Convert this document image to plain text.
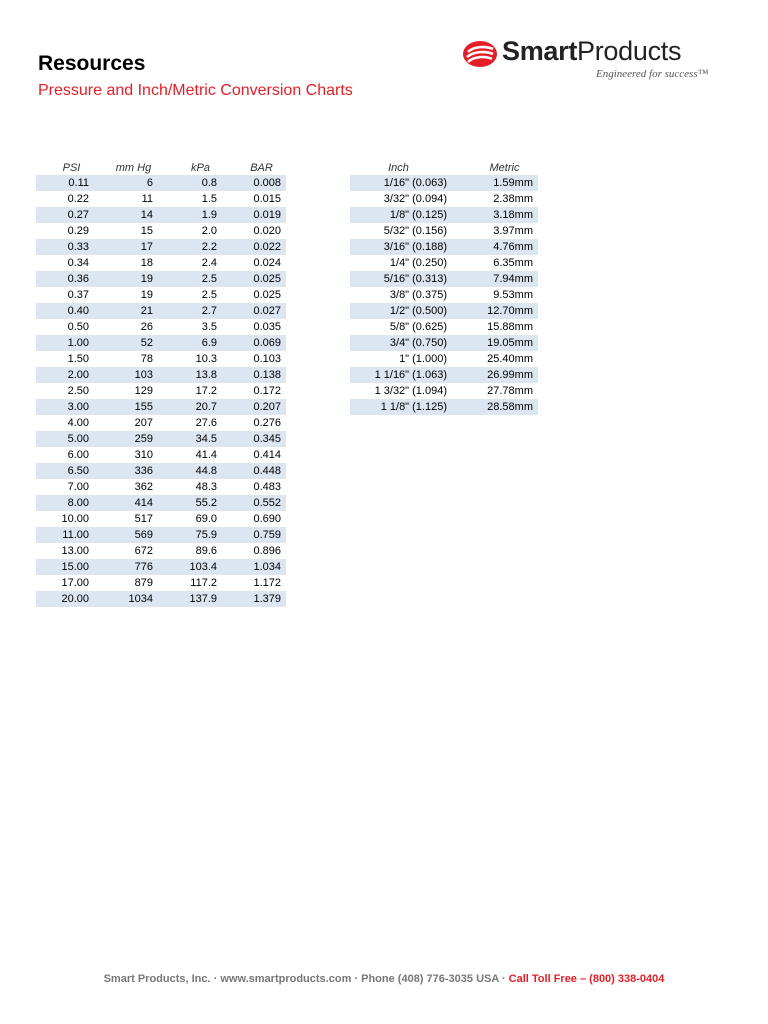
Resources
Pressure and Inch/Metric Conversion Charts
SmartProducts
Engineered for success™
PSI	mm Hg	kPa	BAR
0.11	6	0.8	0.008
0.22	11	1.5	0.015
0.27	14	1.9	0.019
0.29	15	2.0	0.020
0.33	17	2.2	0.022
0.34	18	2.4	0.024
0.36	19	2.5	0.025
0.37	19	2.5	0.025
0.40	21	2.7	0.027
0.50	26	3.5	0.035
1.00	52	6.9	0.069
1.50	78	10.3	0.103
2.00	103	13.8	0.138
2.50	129	17.2	0.172
3.00	155	20.7	0.207
4.00	207	27.6	0.276
5.00	259	34.5	0.345
6.00	310	41.4	0.414
6.50	336	44.8	0.448
7.00	362	48.3	0.483
8.00	414	55.2	0.552
10.00	517	69.0	0.690
11.00	569	75.9	0.759
13.00	672	89.6	0.896
15.00	776	103.4	1.034
17.00	879	117.2	1.172
20.00	1034	137.9	1.379
Inch	Metric
1/16" (0.063)	1.59mm
3/32" (0.094)	2.38mm
1/8" (0.125)	3.18mm
5/32" (0.156)	3.97mm
3/16" (0.188)	4.76mm
1/4" (0.250)	6.35mm
5/16" (0.313)	7.94mm
3/8" (0.375)	9.53mm
1/2" (0.500)	12.70mm
5/8" (0.625)	15.88mm
3/4" (0.750)	19.05mm
1" (1.000)	25.40mm
1 1/16" (1.063)	26.99mm
1 3/32" (1.094)	27.78mm
1 1/8" (1.125)	28.58mm
Smart Products, Inc. · www.smartproducts.com · Phone (408) 776-3035 USA · Call Toll Free – (800) 338-0404
